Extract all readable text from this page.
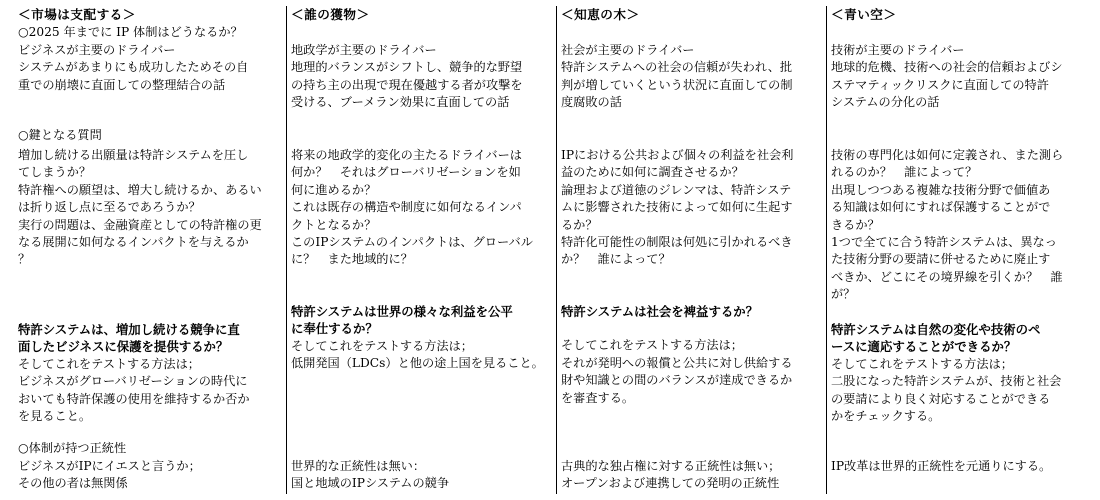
＜市場は支配する＞
ビジネスが主要のドライバー
システムがあまりにも成功したためその自
重での崩壊に直面しての整理結合の話
増加し続ける出願量は特許システムを圧し
てしまうか？
特許権への願望は、増大し続けるか、あるい
は折り返し点に至るであろうか？
実行の問題は、金融資産としての特許権の更
なる展開に如何なるインパクトを与えるか
？
特許システムは、増加し続ける競争に直
面したビジネスに保護を提供するか？
そしてこれをテストする方法は；
ビジネスがグローバリゼーションの時代に
おいても特許保護の使用を維持するか否か
を見ること。
ビジネスがIPにイエスと言うか；
その他の者は無関係
○2025 年までに IP 体制はどうなるか？
○鍵となる質問
○体制が持つ正統性
＜誰の獲物＞
地政学が主要のドライバー
地理的バランスがシフトし、競争的な野望
の持ち主の出現で現在優越する者が攻撃を
受ける、ブーメラン効果に直面しての話
将来の地政学的変化の主たるドライバーは
何か？　それはグローバリゼーションを如
何に進めるか？
これは既存の構造や制度に如何なるインパ
クトとなるか？
このIPシステムのインパクトは、グローバル
に？　また地域的に？
特許システムは世界の様々な利益を公平
に奉仕するか？
そしてこれをテストする方法は；
低開発国（LDCs）と他の途上国を見ること。
世界的な正統性は無い：
国と地域のIPシステムの競争
＜知恵の木＞
社会が主要のドライバー
特許システムへの社会の信頼が失われ、批
判が増していくという状況に直面しての制
度腐敗の話
IPにおける公共および個々の利益を社会利
益のために如何に調査させるか？
論理および道徳のジレンマは、特許システ
ムに影響された技術によって如何に生起す
るか？
特許化可能性の制限は何処に引かれるべき
か？　誰によって？
特許システムは社会を裨益するか？
そしてこれをテストする方法は；
それが発明への報償と公共に対し供給する
財や知識との間のバランスが達成できるか
を審査する。
古典的な独占権に対する正統性は無い；
オープンおよび連携しての発明の正統性
＜青い空＞
技術が主要のドライバー
地球的危機、技術への社会的信頼およびシ
ステマティックリスクに直面しての特許
システムの分化の話
技術の専門化は如何に定義され、また測ら
れるのか？　誰によって？
出現しつつある複雑な技術分野で価値あ
る知識は如何にすれば保護することがで
きるか？
1つで全てに合う特許システムは、異なっ
た技術分野の要請に併せるために廃止す
べきか、どこにその境界線を引くか？　誰
が？
特許システムは自然の変化や技術のペ
ースに適応することができるか？
そしてこれをテストする方法は；
二股になった特許システムが、技術と社会
の要請により良く対応することができる
かをチェックする。
IP改革は世界的正統性を元通りにする。
